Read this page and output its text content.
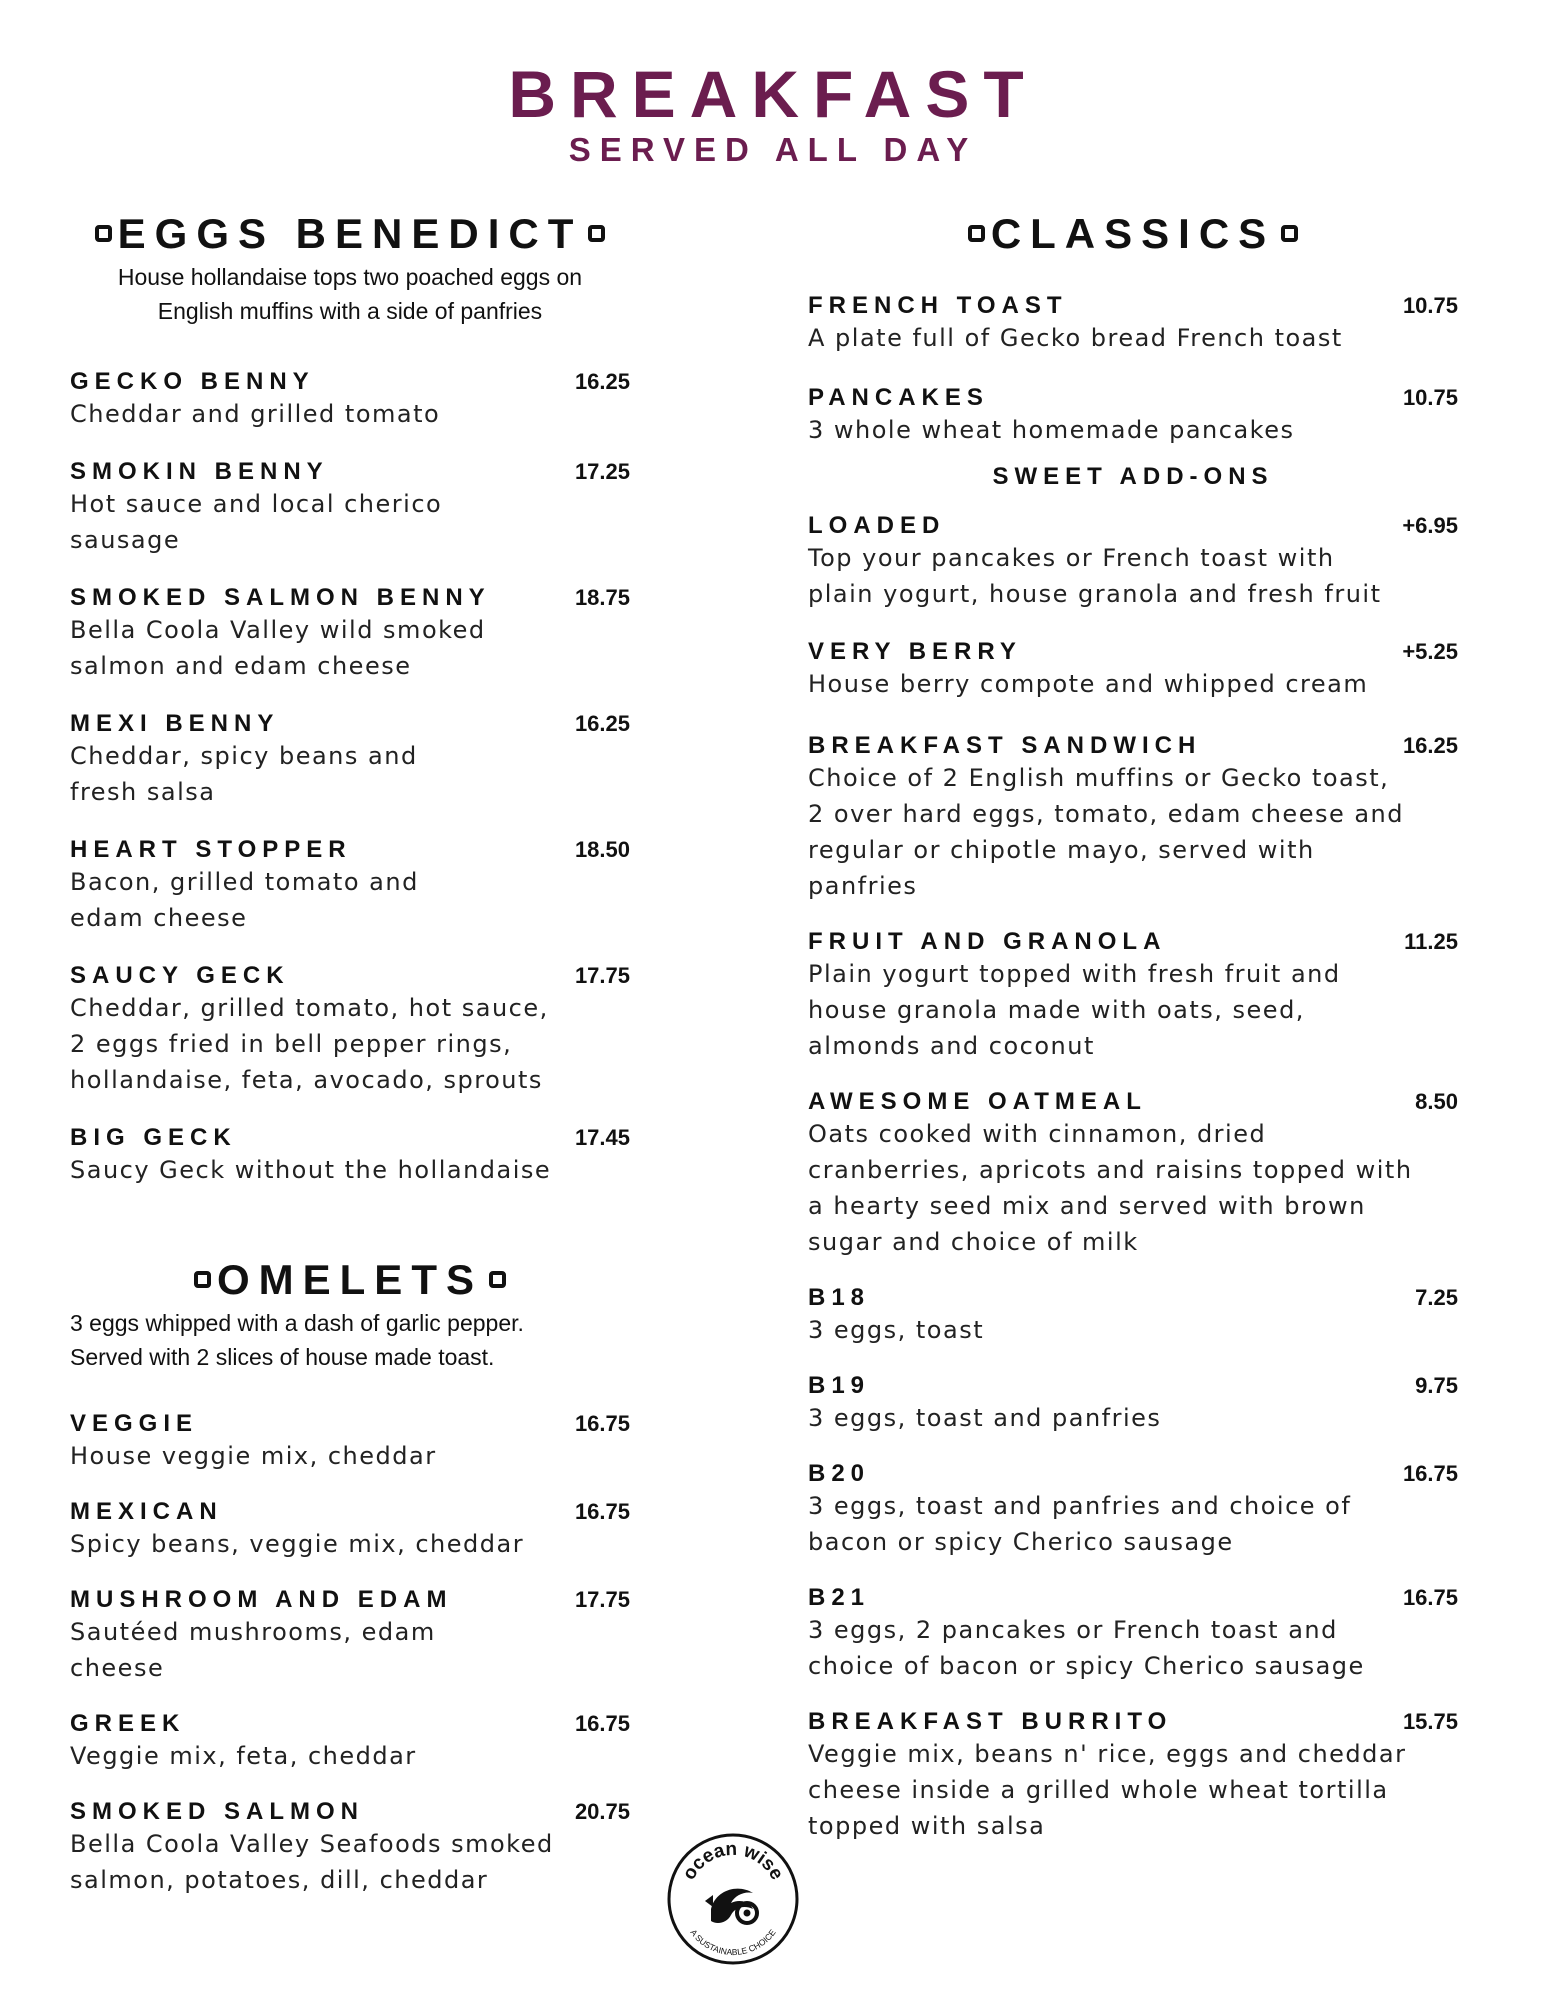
BREAKFAST
SERVED ALL DAY
EGGS BENEDICT
House hollandaise tops two poached eggs on
English muffins with a side of panfries
GECKO BENNY	16.25
Cheddar and grilled tomato
SMOKIN BENNY	17.25
Hot sauce and local cherico
sausage
SMOKED SALMON BENNY	18.75
Bella Coola Valley wild smoked
salmon and edam cheese
MEXI BENNY	16.25
Cheddar, spicy beans and
fresh salsa
HEART STOPPER	18.50
Bacon, grilled tomato and
edam cheese
SAUCY GECK	17.75
Cheddar, grilled tomato, hot sauce,
2 eggs fried in bell pepper rings,
hollandaise, feta, avocado, sprouts
BIG GECK	17.45
Saucy Geck without the hollandaise
OMELETS
3 eggs whipped with a dash of garlic pepper.
Served with 2 slices of house made toast.
VEGGIE	16.75
House veggie mix, cheddar
MEXICAN	16.75
Spicy beans, veggie mix, cheddar
MUSHROOM AND EDAM	17.75
Sautéed mushrooms, edam
cheese
GREEK	16.75
Veggie mix, feta, cheddar
SMOKED SALMON	20.75
Bella Coola Valley Seafoods smoked
salmon, potatoes, dill, cheddar
CLASSICS
FRENCH TOAST	10.75
A plate full of Gecko bread French toast
PANCAKES	10.75
3 whole wheat homemade pancakes
SWEET ADD-ONS
LOADED	+6.95
Top your pancakes or French toast with
plain yogurt, house granola and fresh fruit
VERY BERRY	+5.25
House berry compote and whipped cream
BREAKFAST SANDWICH	16.25
Choice of 2 English muffins or Gecko toast,
2 over hard eggs, tomato, edam cheese and
regular or chipotle mayo, served with
panfries
FRUIT AND GRANOLA	11.25
Plain yogurt topped with fresh fruit and
house granola made with oats, seed,
almonds and coconut
AWESOME OATMEAL	8.50
Oats cooked with cinnamon, dried
cranberries, apricots and raisins topped with
a hearty seed mix and served with brown
sugar and choice of milk
B18	7.25
3 eggs, toast
B19	9.75
3 eggs, toast and panfries
B20	16.75
3 eggs, toast and panfries and choice of
bacon or spicy Cherico sausage
B21	16.75
3 eggs, 2 pancakes or French toast and
choice of bacon or spicy Cherico sausage
BREAKFAST BURRITO	15.75
Veggie mix, beans n' rice, eggs and cheddar
cheese inside a grilled whole wheat tortilla
topped with salsa
ocean wise
A SUSTAINABLE CHOICE
